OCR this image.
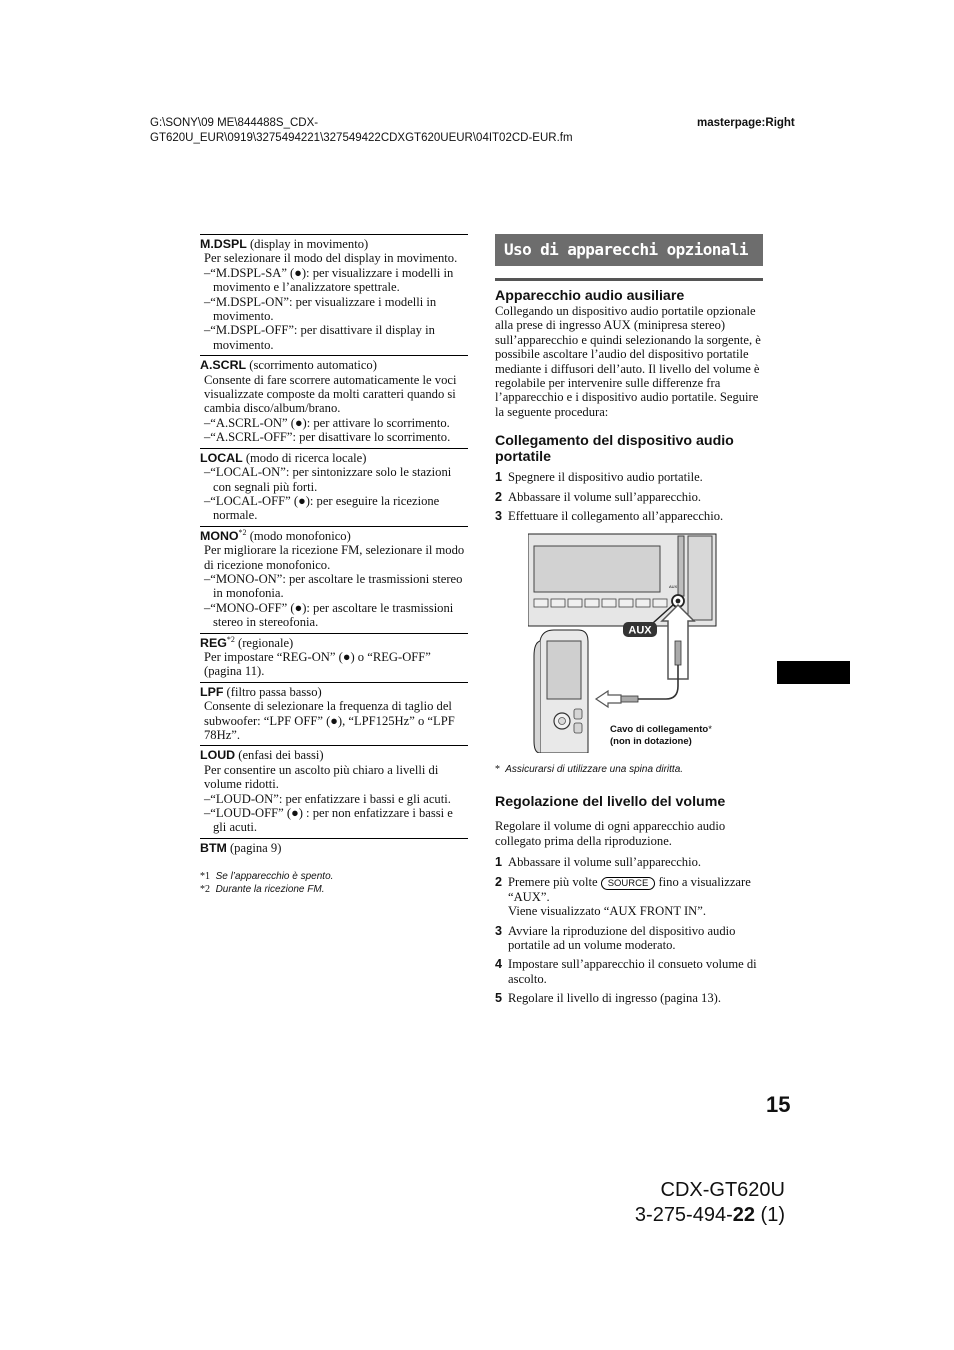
G:\SONY\09 ME\844488S_CDX-GT620U_EUR\0919\3275494221\327549422CDXGT620UEUR\04IT02CD-EUR.fm
masterpage:Right
M.DSPL (display in movimento)
Per selezionare il modo del display in movimento.
–“M.DSPL-SA” (●): per visualizzare i modelli in movimento e l’analizzatore spettrale.
–“M.DSPL-ON”: per visualizzare i modelli in movimento.
–“M.DSPL-OFF”: per disattivare il display in movimento.
A.SCRL (scorrimento automatico)
Consente di fare scorrere automaticamente le voci visualizzate composte da molti caratteri quando si cambia disco/album/brano.
–“A.SCRL-ON” (●): per attivare lo scorrimento.
–“A.SCRL-OFF”: per disattivare lo scorrimento.
LOCAL (modo di ricerca locale)
–“LOCAL-ON”: per sintonizzare solo le stazioni con segnali più forti.
–“LOCAL-OFF” (●): per eseguire la ricezione normale.
MONO$^{*2}$ (modo monofonico)
Per migliorare la ricezione FM, selezionare il modo di ricezione monofonico.
–“MONO-ON”: per ascoltare le trasmissioni stereo in monofonia.
–“MONO-OFF” (●): per ascoltare le trasmissioni stereo in stereofonia.
REG$^{*2}$ (regionale)
Per impostare “REG-ON” (●) o “REG-OFF” (pagina 11).
LPF (filtro passa basso)
Consente di selezionare la frequenza di taglio del subwoofer: “LPF OFF” (●), “LPF125Hz” o “LPF 78Hz”.
LOUD (enfasi dei bassi)
Per consentire un ascolto più chiaro a livelli di volume ridotti.
–“LOUD-ON”: per enfatizzare i bassi e gli acuti.
–“LOUD-OFF” (●) : per non enfatizzare i bassi e gli acuti.
BTM (pagina 9)
*1 Se l’apparecchio è spento.
*2 Durante la ricezione FM.
Uso di apparecchi opzionali
Apparecchio audio ausiliare
Collegando un dispositivo audio portatile opzionale alla prese di ingresso AUX (minipresa stereo) sull’apparecchio e quindi selezionando la sorgente, è possibile ascoltare l’audio del dispositivo portatile mediante i diffusori dell’auto. Il livello del volume è regolabile per intervenire sulle differenze fra l’apparecchio e i dispositivo audio portatile. Seguire la seguente procedura:
Collegamento del dispositivo audio portatile
1 Spegnere il dispositivo audio portatile.
2 Abbassare il volume sull’apparecchio.
3 Effettuare il collegamento all’apparecchio.
AUX
AUX
Cavo di collegamento*
(non in dotazione)
* Assicurarsi di utilizzare una spina diritta.
Regolazione del livello del volume
Regolare il volume di ogni apparecchio audio collegato prima della riproduzione.
1 Abbassare il volume sull’apparecchio.
2 Premere più volte SOURCE fino a visualizzare “AUX”.
Viene visualizzato “AUX FRONT IN”.
3 Avviare la riproduzione del dispositivo audio portatile ad un volume moderato.
4 Impostare sull’apparecchio il consueto volume di ascolto.
5 Regolare il livello di ingresso (pagina 13).
15
CDX-GT620U
3-275-494-22 (1)
